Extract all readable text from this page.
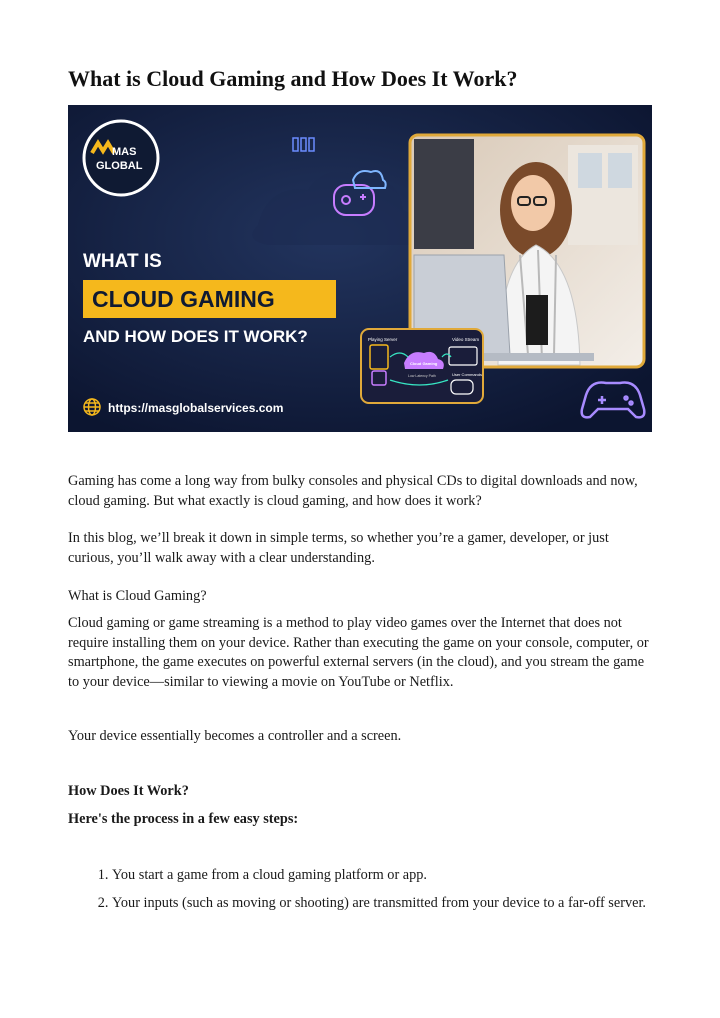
What is Cloud Gaming and How Does It Work?
MAS
GLOBAL
WHAT IS
CLOUD GAMING
AND HOW DOES IT WORK?
https://masglobalservices.com
Playing Server	Video Stream
Cloud Gaming
Low Latency Path	User Commands

Gaming has come a long way from bulky consoles and physical CDs to digital downloads and now, cloud gaming. But what exactly is cloud gaming, and how does it work?

In this blog, we’ll break it down in simple terms, so whether you’re a gamer, developer, or just curious, you’ll walk away with a clear understanding.

What is Cloud Gaming?

Cloud gaming or game streaming is a method to play video games over the Internet that does not require installing them on your device. Rather than executing the game on your console, computer, or smartphone, the game executes on powerful external servers (in the cloud), and you stream the game to your device—similar to viewing a movie on YouTube or Netflix.

Your device essentially becomes a controller and a screen.

How Does It Work?

Here's the process in a few easy steps:

1. You start a game from a cloud gaming platform or app.
2. Your inputs (such as moving or shooting) are transmitted from your device to a far-off server.
